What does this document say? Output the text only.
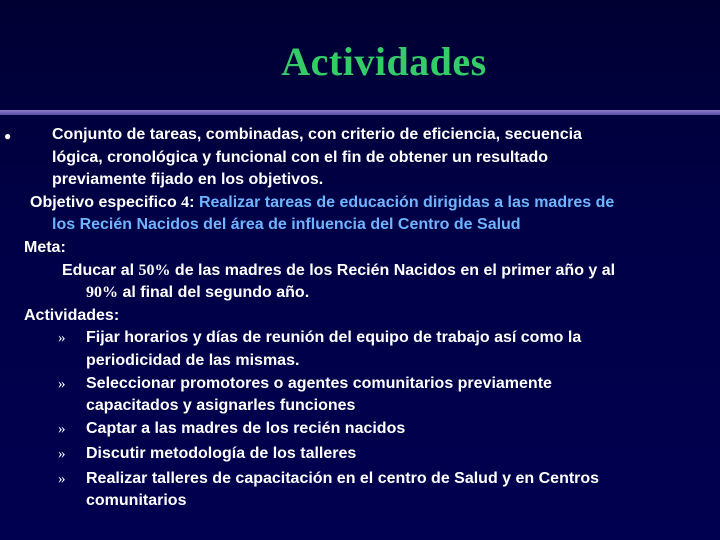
Actividades
●	Conjunto de tareas, combinadas, con criterio de eficiencia, secuencia
lógica, cronológica y funcional con el fin de obtener un resultado
previamente fijado en los objetivos.
Objetivo especifico 4: Realizar tareas de educación dirigidas a las madres de
los Recién Nacidos del área de influencia del Centro de Salud
Meta:
Educar al 50% de las madres de los Recién Nacidos en el primer año y al
90% al final del segundo año.
Actividades:
» Fijar horarios y días de reunión del equipo de trabajo así como la
periodicidad de las mismas.
» Seleccionar promotores o agentes comunitarios previamente
capacitados y asignarles funciones
» Captar a las madres de los recién nacidos
» Discutir metodología de los talleres
» Realizar talleres de capacitación en el centro de Salud y en Centros
comunitarios
